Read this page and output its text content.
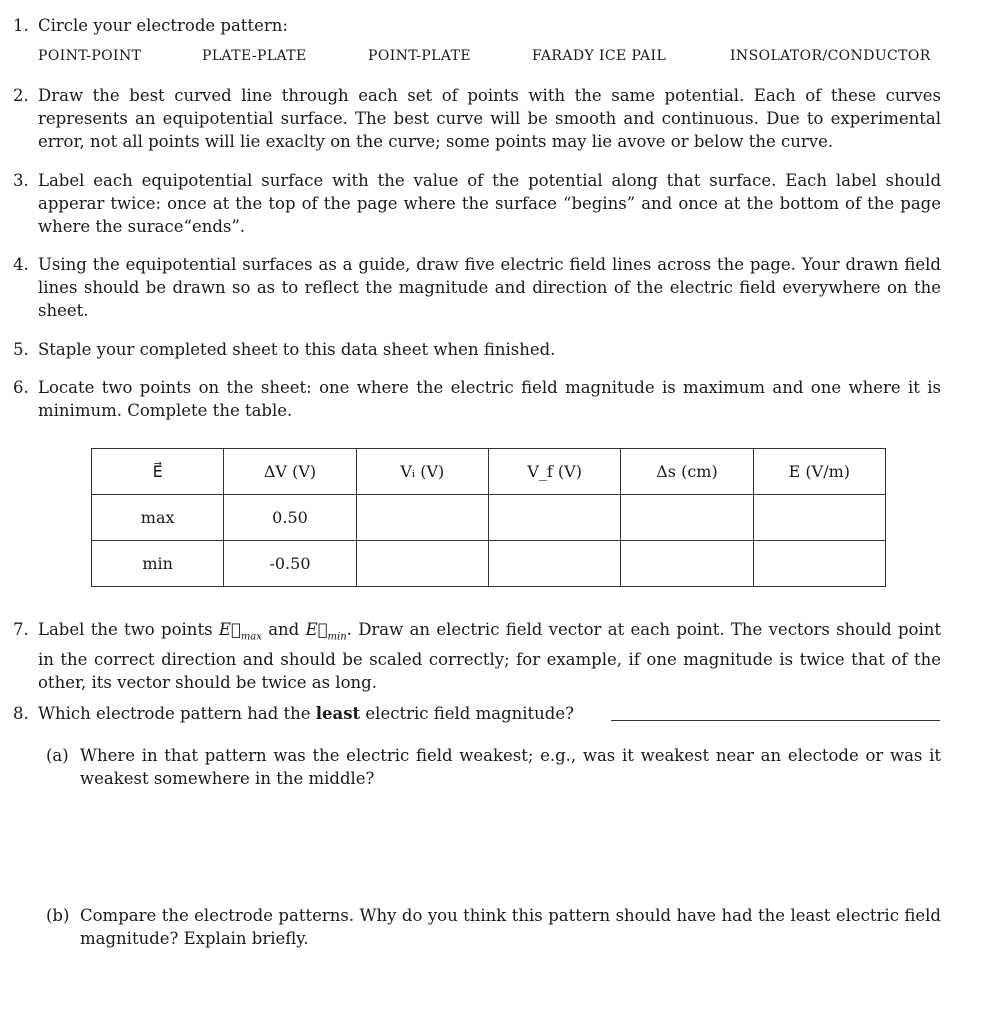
1. Circle your electrode pattern:
POINT-POINT	PLATE-PLATE	POINT-PLATE	FARADY ICE PAIL	INSOLATOR/CONDUCTOR
2. Draw the best curved line through each set of points with the same potential. Each of these curves represents an equipotential surface. The best curve will be smooth and continuous. Due to experimental error, not all points will lie exaclty on the curve; some points may lie avove or below the curve.
3. Label each equipotential surface with the value of the potential along that surface. Each label should apperar twice: once at the top of the page where the surface “begins” and once at the bottom of the page where the surace“ends”.
4. Using the equipotential surfaces as a guide, draw five electric field lines across the page. Your drawn field lines should be drawn so as to reflect the magnitude and direction of the electric field everywhere on the sheet.
5. Staple your completed sheet to this data sheet when finished.
6. Locate two points on the sheet: one where the electric field magnitude is maximum and one where it is minimum. Complete the table.
E⃗	ΔV (V)	Vᵢ (V)	V_f (V)	Δs (cm)	E (V/m)
max	0.50				
min	-0.50				
7. Label the two points $E⃗_{max}$ and $E⃗_{min}$. Draw an electric field vector at each point. The vectors should point in the correct direction and should be scaled correctly; for example, if one magnitude is twice that of the other, its vector should be twice as long.
8. Which electrode pattern had the least electric field magnitude?
(a) Where in that pattern was the electric field weakest; e.g., was it weakest near an electode or was it weakest somewhere in the middle?
(b) Compare the electrode patterns. Why do you think this pattern should have had the least electric field magnitude? Explain briefly.
